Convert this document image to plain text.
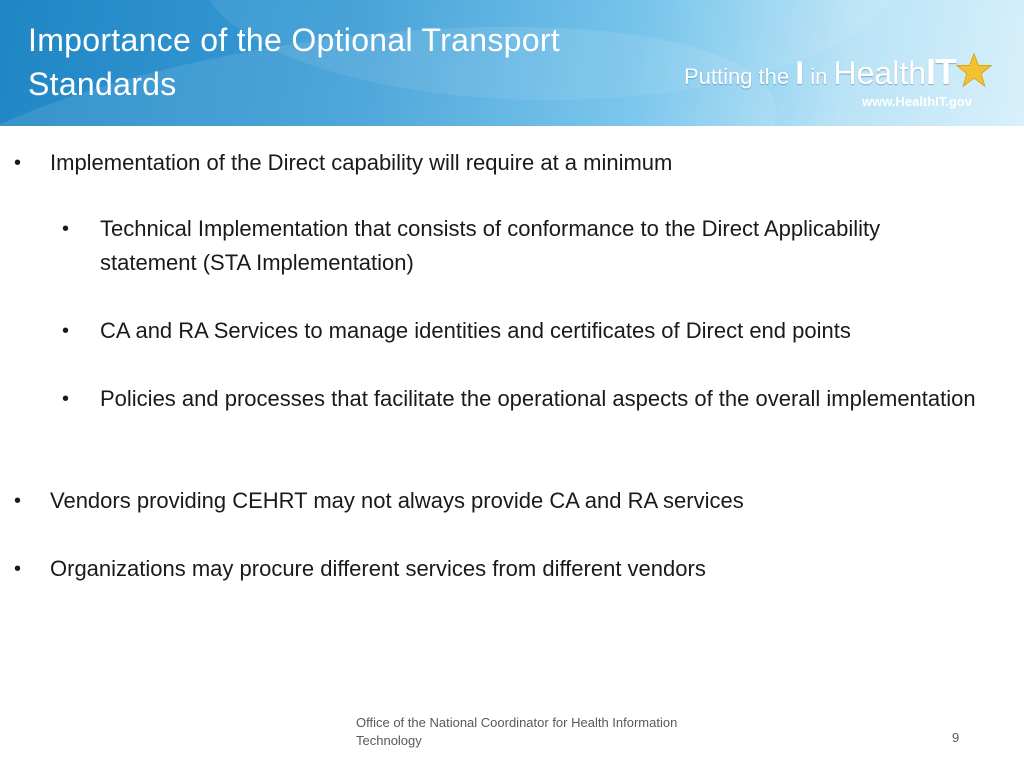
Importance of the Optional Transport Standards	Putting the I in HealthIT
www.HealthIT.gov
• Implementation of the Direct capability will require at a minimum
• Technical Implementation that consists of conformance to the Direct Applicability statement (STA Implementation)
• CA and RA Services to manage identities and certificates of Direct end points
• Policies and processes that facilitate the operational aspects of the overall implementation
• Vendors providing CEHRT may not always provide CA and RA services
• Organizations may procure different services from different vendors
Office of the National Coordinator for Health Information Technology	9
